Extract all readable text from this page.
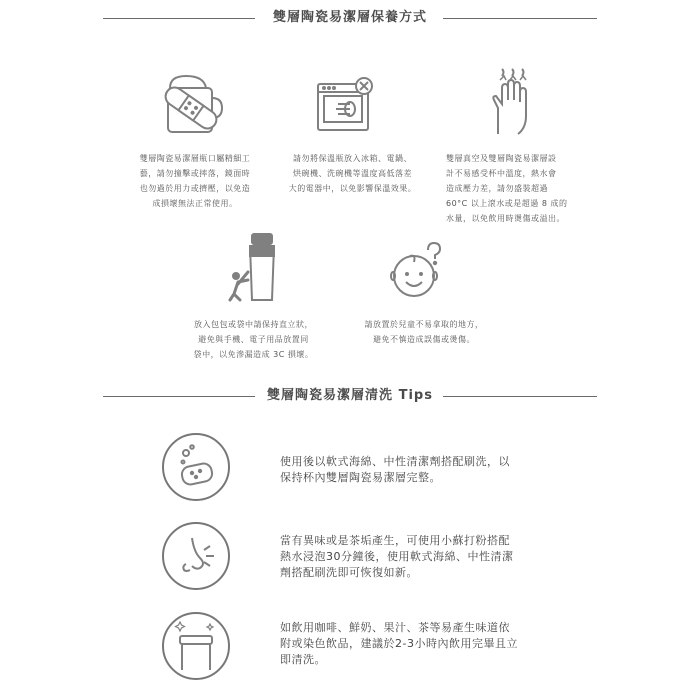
雙層陶瓷易潔層保養方式
雙層陶瓷易潔層瓶口屬精細工
藝，請勿撞擊或摔落，鏡面時
也勿過於用力或擠壓，以免造
成損壞無法正常使用。
請勿將保溫瓶放入冰箱、電鍋、
烘碗機、洗碗機等溫度高低落差
大的電器中，以免影響保溫效果。
雙層真空及雙層陶瓷易潔層設
計不易感受杯中溫度，熱水會
造成壓力差，請勿盛裝超過
60°C 以上滾水或是超過 8 成的
水量，以免飲用時燙傷或溢出。
放入包包或袋中請保持直立狀，
避免與手機、電子用品放置同
袋中，以免滲漏造成 3C 損壞。
請放置於兒童不易拿取的地方，
避免不慎造成誤傷或燙傷。
雙層陶瓷易潔層清洗 Tips
使用後以軟式海綿、中性清潔劑搭配刷洗，以
保持杯內雙層陶瓷易潔層完整。
當有異味或是茶垢產生，可使用小蘇打粉搭配
熱水浸泡30分鐘後，使用軟式海綿、中性清潔
劑搭配刷洗即可恢復如新。
如飲用咖啡、鮮奶、果汁、茶等易產生味道依
附或染色飲品，建議於2-3小時內飲用完畢且立
即清洗。
